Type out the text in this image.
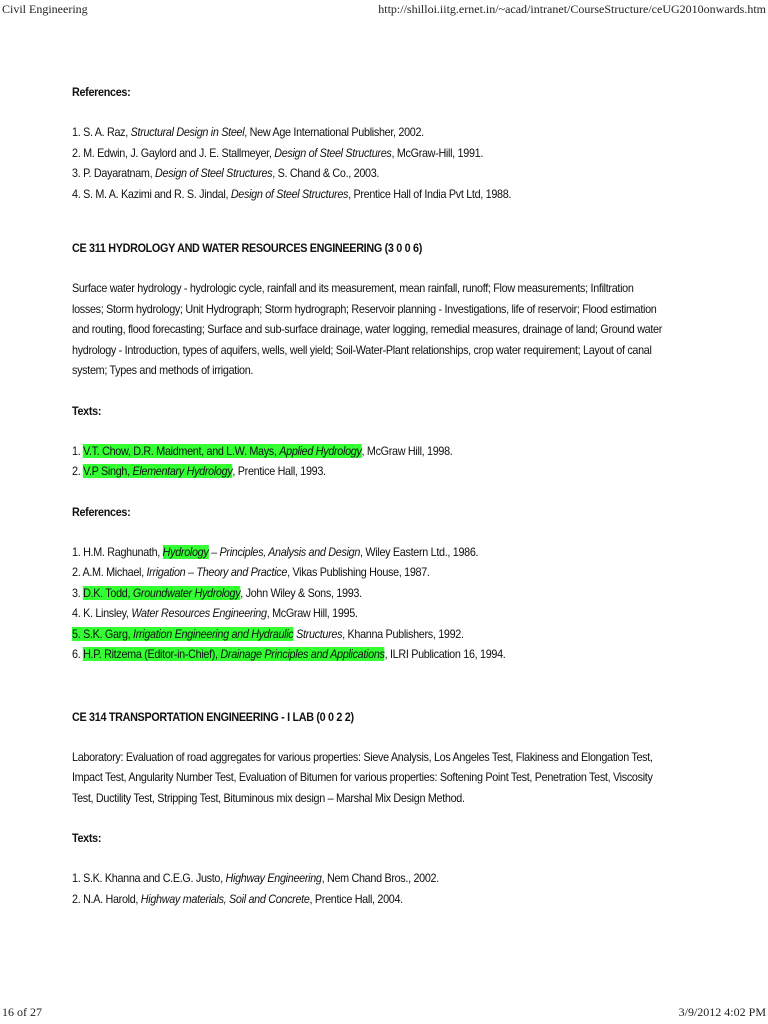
Civil Engineering	http://shilloi.iitg.ernet.in/~acad/intranet/CourseStructure/ceUG2010onwards.htm

References:

1. S. A. Raz, Structural Design in Steel, New Age International Publisher, 2002.
2. M. Edwin, J. Gaylord and J. E. Stallmeyer, Design of Steel Structures, McGraw-Hill, 1991.
3. P. Dayaratnam, Design of Steel Structures, S. Chand & Co., 2003.
4. S. M. A. Kazimi and R. S. Jindal, Design of Steel Structures, Prentice Hall of India Pvt Ltd, 1988.

CE 311 HYDROLOGY AND WATER RESOURCES ENGINEERING (3 0 0 6)

Surface water hydrology - hydrologic cycle, rainfall and its measurement, mean rainfall, runoff; Flow measurements; Infiltration losses; Storm hydrology; Unit Hydrograph; Storm hydrograph; Reservoir planning - Investigations, life of reservoir; Flood estimation and routing, flood forecasting; Surface and sub-surface drainage, water logging, remedial measures, drainage of land; Ground water hydrology - Introduction, types of aquifers, wells, well yield; Soil-Water-Plant relationships, crop water requirement; Layout of canal system; Types and methods of irrigation.

Texts:

1. V.T. Chow, D.R. Maidment, and L.W. Mays, Applied Hydrology, McGraw Hill, 1998.
2. V.P Singh, Elementary Hydrology, Prentice Hall, 1993.

References:

1. H.M. Raghunath, Hydrology – Principles, Analysis and Design, Wiley Eastern Ltd., 1986.
2. A.M. Michael, Irrigation – Theory and Practice, Vikas Publishing House, 1987.
3. D.K. Todd, Groundwater Hydrology, John Wiley & Sons, 1993.
4. K. Linsley, Water Resources Engineering, McGraw Hill, 1995.
5. S.K. Garg, Irrigation Engineering and Hydraulic Structures, Khanna Publishers, 1992.
6. H.P. Ritzema (Editor-in-Chief), Drainage Principles and Applications, ILRI Publication 16, 1994.

CE 314 TRANSPORTATION ENGINEERING - I LAB (0 0 2 2)

Laboratory: Evaluation of road aggregates for various properties: Sieve Analysis, Los Angeles Test, Flakiness and Elongation Test, Impact Test, Angularity Number Test, Evaluation of Bitumen for various properties: Softening Point Test, Penetration Test, Viscosity Test, Ductility Test, Stripping Test, Bituminous mix design – Marshal Mix Design Method.

Texts:

1. S.K. Khanna and C.E.G. Justo, Highway Engineering, Nem Chand Bros., 2002.
2. N.A. Harold, Highway materials, Soil and Concrete, Prentice Hall, 2004.
16 of 27	3/9/2012 4:02 PM
